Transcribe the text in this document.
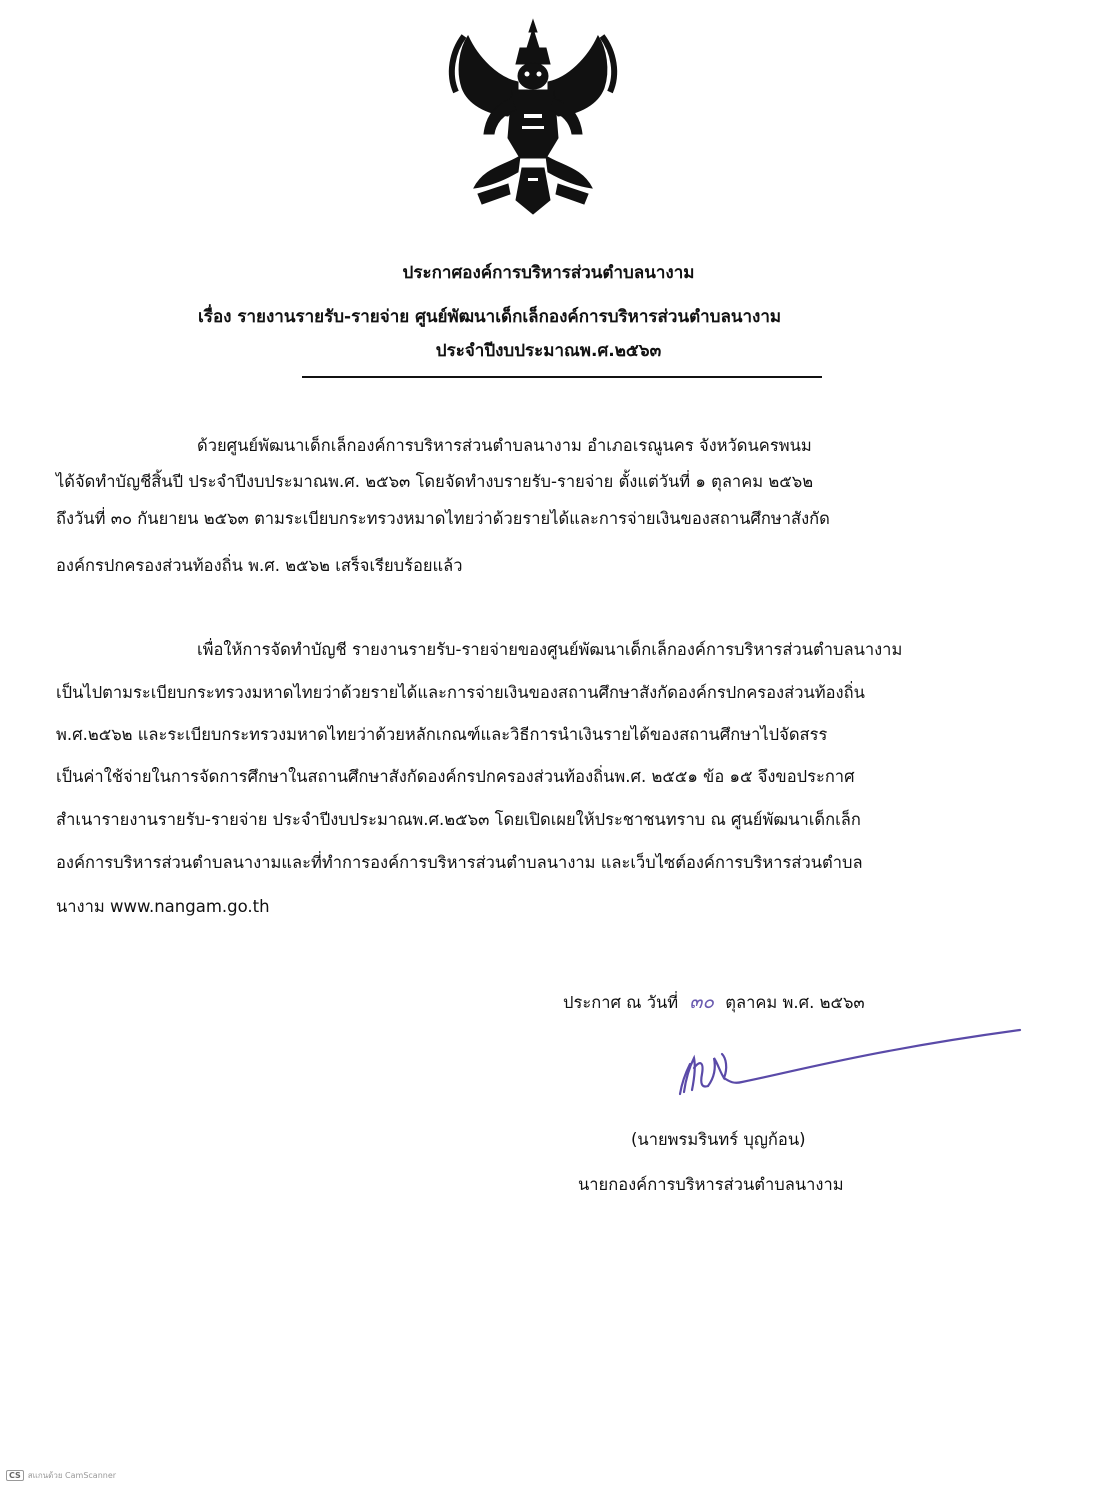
ประกาศองค์การบริหารส่วนตำบลนางาม
เรื่อง รายงานรายรับ-รายจ่าย ศูนย์พัฒนาเด็กเล็กองค์การบริหารส่วนตำบลนางาม
ประจำปีงบประมาณพ.ศ.๒๕๖๓
ด้วยศูนย์พัฒนาเด็กเล็กองค์การบริหารส่วนตำบลนางาม อำเภอเรณูนคร จังหวัดนครพนม
ได้จัดทำบัญชีสิ้นปี ประจำปีงบประมาณพ.ศ. ๒๕๖๓ โดยจัดทำงบรายรับ-รายจ่าย ตั้งแต่วันที่ ๑ ตุลาคม ๒๕๖๒
ถึงวันที่ ๓๐ กันยายน ๒๕๖๓ ตามระเบียบกระทรวงหมาดไทยว่าด้วยรายได้และการจ่ายเงินของสถานศึกษาสังกัด
องค์กรปกครองส่วนท้องถิ่น พ.ศ. ๒๕๖๒ เสร็จเรียบร้อยแล้ว
เพื่อให้การจัดทำบัญชี รายงานรายรับ-รายจ่ายของศูนย์พัฒนาเด็กเล็กองค์การบริหารส่วนตำบลนางาม
เป็นไปตามระเบียบกระทรวงมหาดไทยว่าด้วยรายได้และการจ่ายเงินของสถานศึกษาสังกัดองค์กรปกครองส่วนท้องถิ่น
พ.ศ.๒๕๖๒ และระเบียบกระทรวงมหาดไทยว่าด้วยหลักเกณฑ์และวิธีการนำเงินรายได้ของสถานศึกษาไปจัดสรร
เป็นค่าใช้จ่ายในการจัดการศึกษาในสถานศึกษาสังกัดองค์กรปกครองส่วนท้องถิ่นพ.ศ. ๒๕๕๑ ข้อ ๑๕ จึงขอประกาศ
สำเนารายงานรายรับ-รายจ่าย ประจำปีงบประมาณพ.ศ.๒๕๖๓ โดยเปิดเผยให้ประชาชนทราบ ณ ศูนย์พัฒนาเด็กเล็ก
องค์การบริหารส่วนตำบลนางามและที่ทำการองค์การบริหารส่วนตำบลนางาม และเว็บไซต์องค์การบริหารส่วนตำบล
นางาม www.nangam.go.th
ประกาศ ณ วันที่ ๓๐ ตุลาคม พ.ศ. ๒๕๖๓
(นายพรมรินทร์ บุญก้อน)
นายกองค์การบริหารส่วนตำบลนางาม
CS สแกนด้วย CamScanner
